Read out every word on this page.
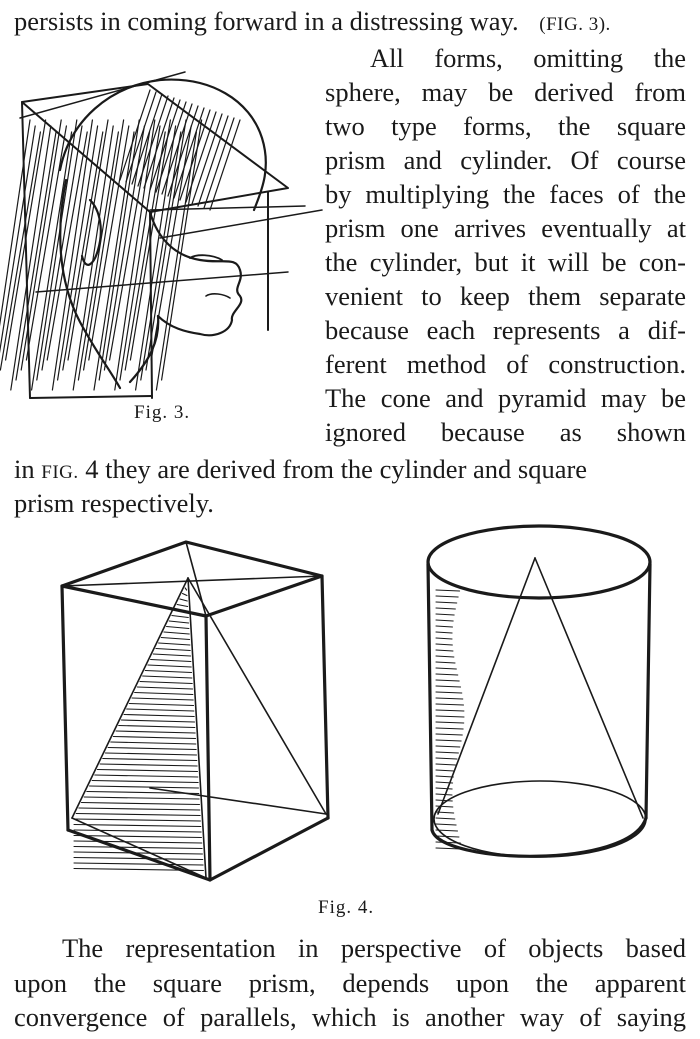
persists in coming forward in a distressing way. (FIG. 3).
All forms, omitting the
sphere, may be derived from
two type forms, the square
prism and cylinder. Of course
by multiplying the faces of the
prism one arrives eventually at
the cylinder, but it will be con-
venient to keep them separate
because each represents a dif-
ferent method of construction.
The cone and pyramid may be
ignored because as shown
in FIG. 4 they are derived from the cylinder and square
prism respectively.
Fig. 3.
Fig. 4.
The representation in perspective of objects based
upon the square prism, depends upon the apparent
convergence of parallels, which is another way of saying
